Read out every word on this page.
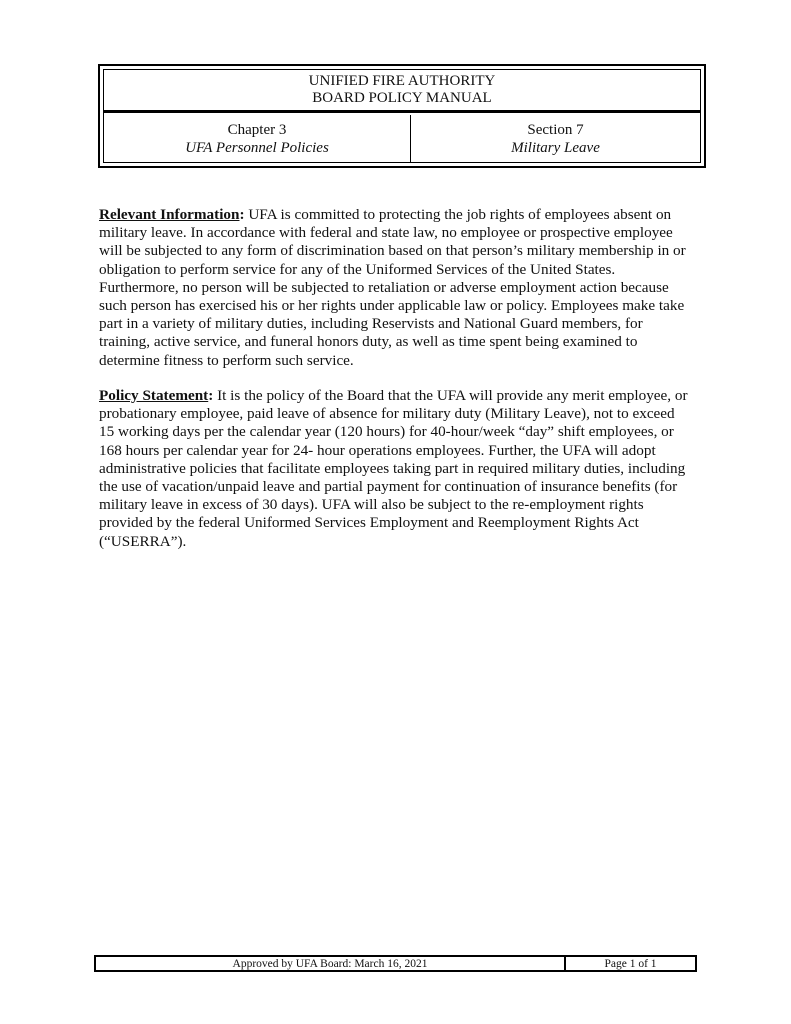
UNIFIED FIRE AUTHORITY
BOARD POLICY MANUAL
Chapter 3
UFA Personnel Policies
Section 7
Military Leave

Relevant Information: UFA is committed to protecting the job rights of employees absent on military leave. In accordance with federal and state law, no employee or prospective employee will be subjected to any form of discrimination based on that person’s military membership in or obligation to perform service for any of the Uniformed Services of the United States. Furthermore, no person will be subjected to retaliation or adverse employment action because such person has exercised his or her rights under applicable law or policy. Employees make take part in a variety of military duties, including Reservists and National Guard members, for training, active service, and funeral honors duty, as well as time spent being examined to determine fitness to perform such service.

Policy Statement: It is the policy of the Board that the UFA will provide any merit employee, or probationary employee, paid leave of absence for military duty (Military Leave), not to exceed 15 working days per the calendar year (120 hours) for 40-hour/week “day” shift employees, or 168 hours per calendar year for 24- hour operations employees. Further, the UFA will adopt administrative policies that facilitate employees taking part in required military duties, including the use of vacation/unpaid leave and partial payment for continuation of insurance benefits (for military leave in excess of 30 days). UFA will also be subject to the re-employment rights provided by the federal Uniformed Services Employment and Reemployment Rights Act (“USERRA”).

Approved by UFA Board: March 16, 2021	Page 1 of 1
